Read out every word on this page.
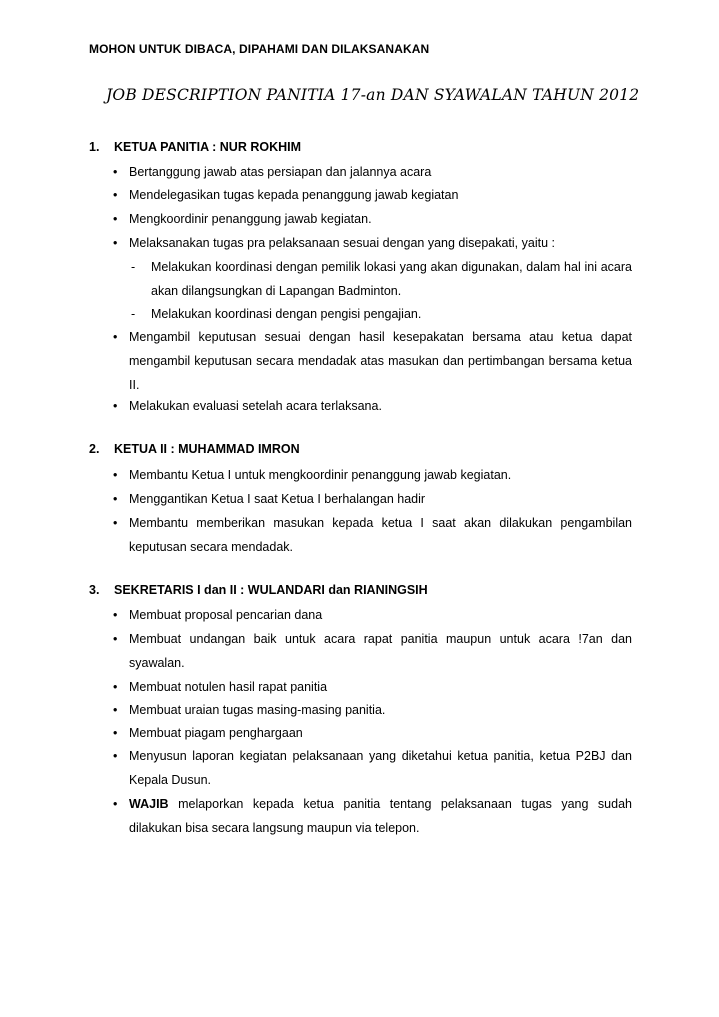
MOHON UNTUK DIBACA, DIPAHAMI DAN DILAKSANAKAN
JOB DESCRIPTION PANITIA 17-an DAN SYAWALAN TAHUN 2012
1. KETUA PANITIA : NUR ROKHIM
• Bertanggung jawab atas persiapan dan jalannya acara
• Mendelegasikan tugas kepada penanggung jawab kegiatan
• Mengkoordinir penanggung jawab kegiatan.
• Melaksanakan tugas pra pelaksanaan sesuai dengan yang disepakati, yaitu :
- Melakukan koordinasi dengan pemilik lokasi yang akan digunakan, dalam hal ini acara akan dilangsungkan di Lapangan Badminton.
- Melakukan koordinasi dengan pengisi pengajian.
• Mengambil keputusan sesuai dengan hasil kesepakatan bersama atau ketua dapat mengambil keputusan secara mendadak atas masukan dan pertimbangan bersama ketua II.
• Melakukan evaluasi setelah acara terlaksana.
2. KETUA II : MUHAMMAD IMRON
• Membantu Ketua I untuk mengkoordinir penanggung jawab kegiatan.
• Menggantikan Ketua I saat Ketua I berhalangan hadir
• Membantu memberikan masukan kepada ketua I saat akan dilakukan pengambilan keputusan secara mendadak.
3. SEKRETARIS I dan II : WULANDARI dan RIANINGSIH
• Membuat proposal pencarian dana
• Membuat undangan baik untuk acara rapat panitia maupun untuk acara !7an dan syawalan.
• Membuat notulen hasil rapat panitia
• Membuat uraian tugas masing-masing panitia.
• Membuat piagam penghargaan
• Menyusun laporan kegiatan pelaksanaan yang diketahui ketua panitia, ketua P2BJ dan Kepala Dusun.
• WAJIB melaporkan kepada ketua panitia tentang pelaksanaan tugas yang sudah dilakukan bisa secara langsung maupun via telepon.
